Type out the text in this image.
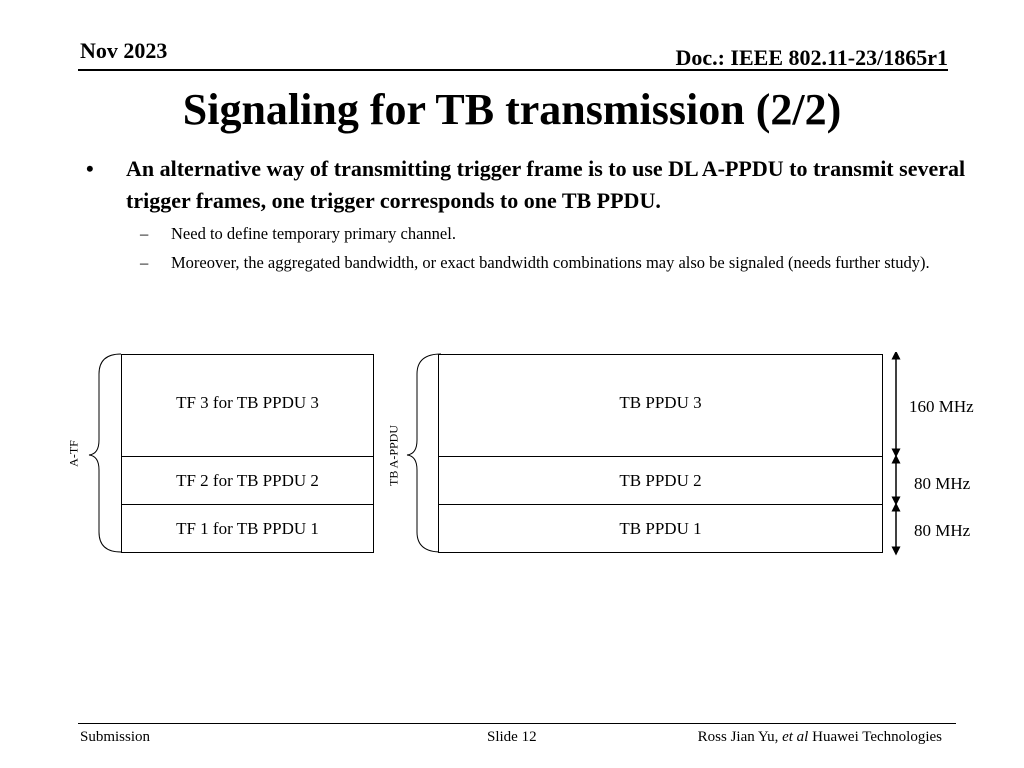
Nov 2023	Doc.: IEEE 802.11-23/1865r1
Signaling for TB transmission (2/2)
• An alternative way of transmitting trigger frame is to use DL A-PPDU to transmit several trigger frames, one trigger corresponds to one TB PPDU.
– Need to define temporary primary channel.
– Moreover, the aggregated bandwidth, or exact bandwidth combinations may also be signaled (needs further study).
A-TF
TF 3 for TB PPDU 3
TF 2 for TB PPDU 2
TF 1 for TB PPDU 1
TB A-PPDU
TB PPDU 3
TB PPDU 2
TB PPDU 1
160 MHz
80 MHz
80 MHz
Submission	Slide 12	Ross Jian Yu, et al Huawei Technologies
